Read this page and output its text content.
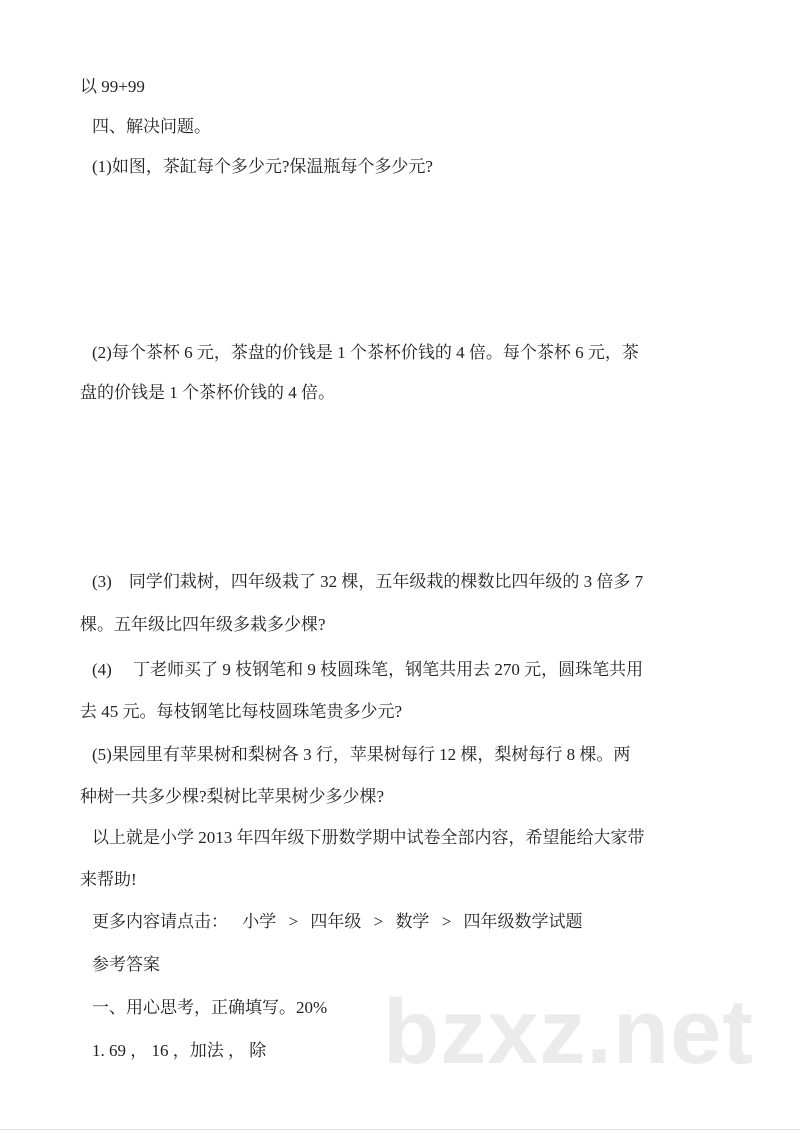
以 99+99
四、解决问题。
(1)如图，茶缸每个多少元?保温瓶每个多少元?
(2)每个茶杯 6 元，茶盘的价钱是 1 个茶杯价钱的 4 倍。每个茶杯 6 元，茶
盘的价钱是 1 个茶杯价钱的 4 倍。
(3)　同学们栽树，四年级栽了 32 棵，五年级栽的棵数比四年级的 3 倍多 7
棵。五年级比四年级多栽多少棵?
(4)　 丁老师买了 9 枝钢笔和 9 枝圆珠笔，钢笔共用去 270 元，圆珠笔共用
去 45 元。每枝钢笔比每枝圆珠笔贵多少元?
(5)果园里有苹果树和梨树各 3 行，苹果树每行 12 棵，梨树每行 8 棵。两
种树一共多少棵?梨树比苹果树少多少棵?
以上就是小学 2013 年四年级下册数学期中试卷全部内容，希望能给大家带
来帮助!
更多内容请点击： 小学 > 四年级 > 数学 > 四年级数学试题
参考答案
一、用心思考，正确填写。20%
1. 69 ， 16 ，加法 ， 除 bzxz.net
